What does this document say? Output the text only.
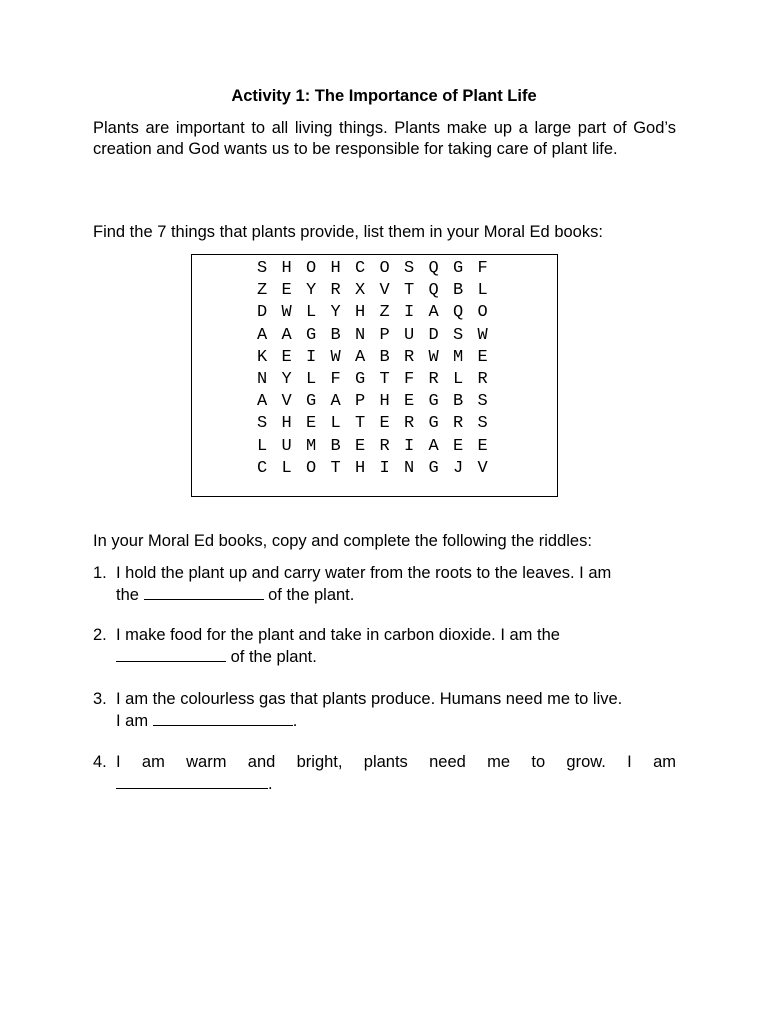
Activity 1: The Importance of Plant Life
Plants are important to all living things. Plants make up a large part of God’s creation and God wants us to be responsible for taking care of plant life.
Find the 7 things that plants provide, list them in your Moral Ed books:
S H O H C O S Q G F
Z E Y R X V T Q B L
D W L Y H Z I A Q O
A A G B N P U D S W
K E I W A B R W M E
N Y L F G T F R L R
A V G A P H E G B S
S H E L T E R G R S
L U M B E R I A E E
C L O T H I N G J V
In your Moral Ed books, copy and complete the following the riddles:
1. I hold the plant up and carry water from the roots to the leaves. I am
the	of the plant.
2. I make food for the plant and take in carbon dioxide. I am the
of the plant.
3. I am the colourless gas that plants produce. Humans need me to live.
I am	.
4. I am warm and bright, plants need me to grow. I am
.
